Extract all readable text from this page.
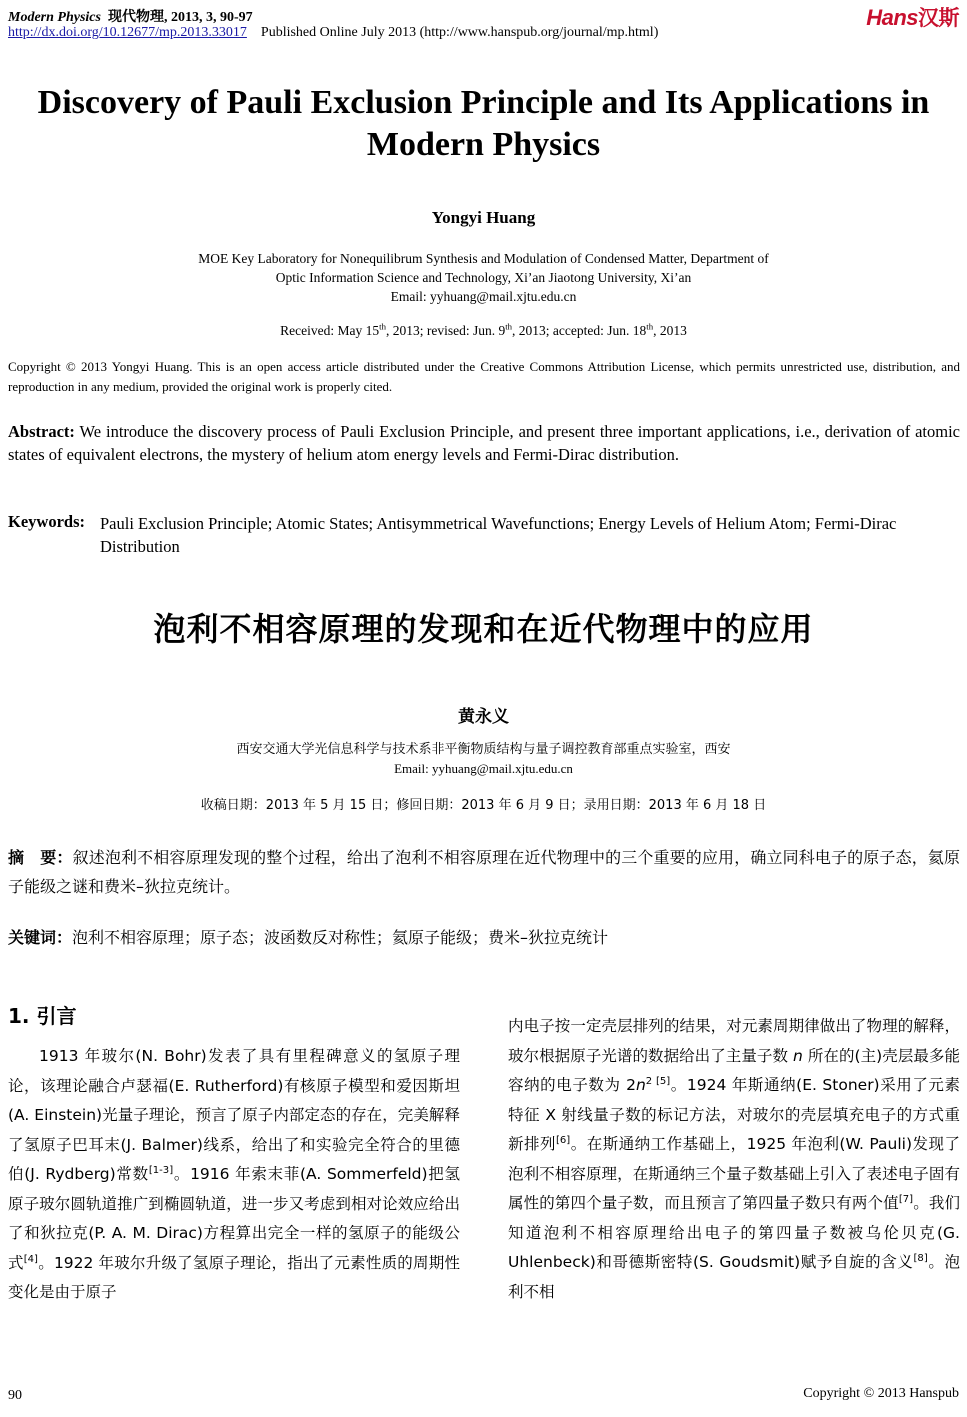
Modern Physics 现代物理, 2013, 3, 90-97
http://dx.doi.org/10.12677/mp.2013.33017 Published Online July 2013 (http://www.hanspub.org/journal/mp.html)
Hans汉斯
Discovery of Pauli Exclusion Principle and Its Applications in Modern Physics
Yongyi Huang
MOE Key Laboratory for Nonequilibrum Synthesis and Modulation of Condensed Matter, Department of
Optic Information Science and Technology, Xi’an Jiaotong University, Xi’an
Email: yyhuang@mail.xjtu.edu.cn
Received: May 15th, 2013; revised: Jun. 9th, 2013; accepted: Jun. 18th, 2013
Copyright © 2013 Yongyi Huang. This is an open access article distributed under the Creative Commons Attribution License, which permits unrestricted use, distribution, and reproduction in any medium, provided the original work is properly cited.
Abstract: We introduce the discovery process of Pauli Exclusion Principle, and present three important applications, i.e., derivation of atomic states of equivalent electrons, the mystery of helium atom energy levels and Fermi-Dirac distribution.
Keywords: Pauli Exclusion Principle; Atomic States; Antisymmetrical Wavefunctions; Energy Levels of Helium Atom; Fermi-Dirac Distribution
泡利不相容原理的发现和在近代物理中的应用
黄永义
西安交通大学光信息科学与技术系非平衡物质结构与量子调控教育部重点实验室，西安
Email: yyhuang@mail.xjtu.edu.cn
收稿日期：2013 年 5 月 15 日；修回日期：2013 年 6 月 9 日；录用日期：2013 年 6 月 18 日
摘　要：叙述泡利不相容原理发现的整个过程，给出了泡利不相容原理在近代物理中的三个重要的应用，确立同科电子的原子态，氦原子能级之谜和费米–狄拉克统计。
关键词：泡利不相容原理；原子态；波函数反对称性；氦原子能级；费米–狄拉克统计
1. 引言

1913 年玻尔(N. Bohr)发表了具有里程碑意义的氢原子理论，该理论融合卢瑟福(E. Rutherford)有核原子模型和爱因斯坦(A. Einstein)光量子理论，预言了原子内部定态的存在，完美解释了氢原子巴耳末(J. Balmer)线系，给出了和实验完全符合的里德伯(J. Rydberg)常数[1-3]。1916 年索末菲(A. Sommerfeld)把氢原子玻尔圆轨道推广到椭圆轨道，进一步又考虑到相对论效应给出了和狄拉克(P. A. M. Dirac)方程算出完全一样的氢原子的能级公式[4]。1922 年玻尔升级了氢原子理论，指出了元素性质的周期性变化是由于原子

内电子按一定壳层排列的结果，对元素周期律做出了物理的解释，玻尔根据原子光谱的数据给出了主量子数 n 所在的(主)壳层最多能容纳的电子数为 $2n^2$ [5]。1924 年斯通纳(E. Stoner)采用了元素特征 X 射线量子数的标记方法，对玻尔的壳层填充电子的方式重新排列[6]。在斯通纳工作基础上，1925 年泡利(W. Pauli)发现了泡利不相容原理，在斯通纳三个量子数基础上引入了表述电子固有属性的第四个量子数，而且预言了第四量子数只有两个值[7]。我们知道泡利不相容原理给出电子的第四量子数被乌伦贝克(G. Uhlenbeck)和哥德斯密特(S. Goudsmit)赋予自旋的含义[8]。泡利不相

90	Copyright © 2013 Hanspub
